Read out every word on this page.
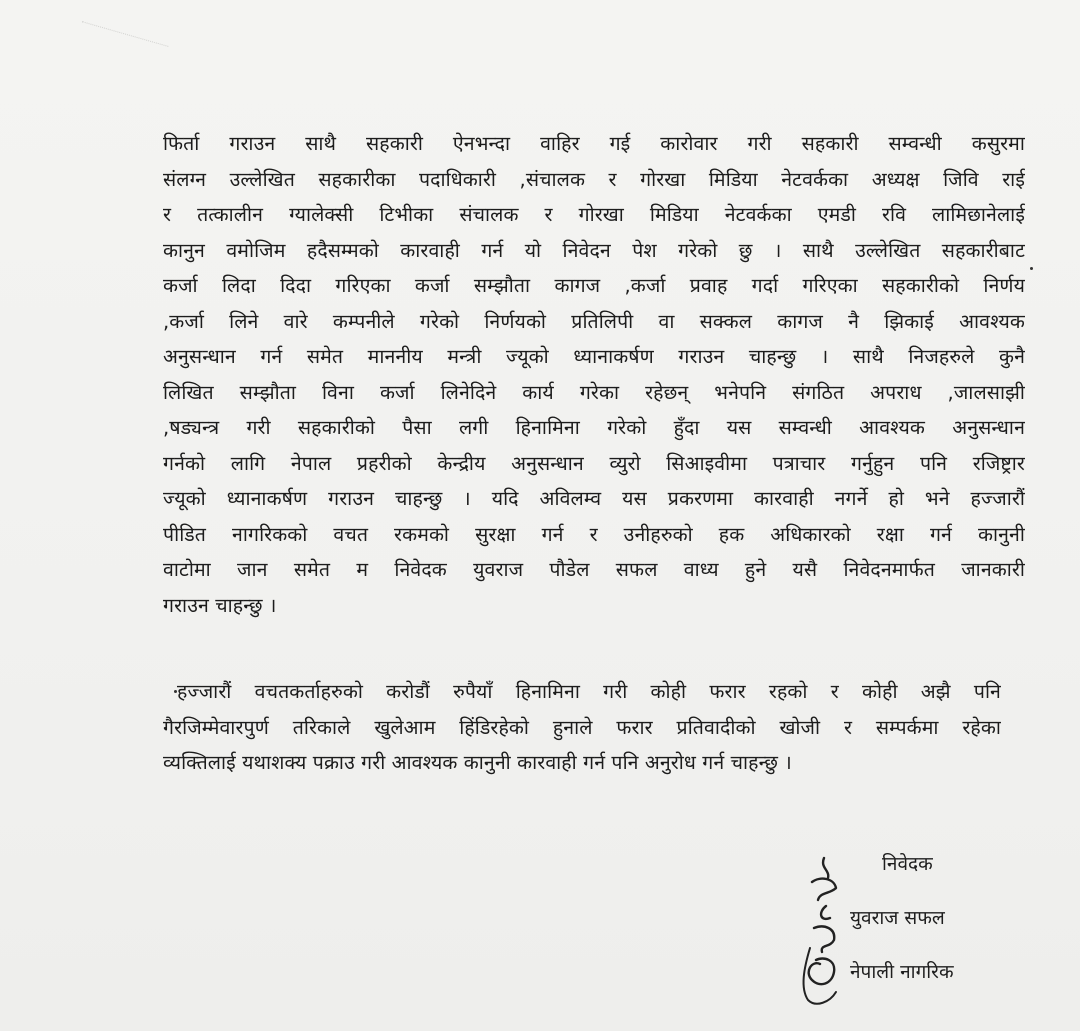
फिर्ता गराउन साथै सहकारी ऐनभन्दा वाहिर गई कारोवार गरी सहकारी सम्वन्धी कसुरमा
संलग्न उल्लेखित सहकारीका पदाधिकारी ,संचालक र गोरखा मिडिया नेटवर्कका अध्यक्ष जिवि राई
र तत्कालीन ग्यालेक्सी टिभीका संचालक र गोरखा मिडिया नेटवर्कका एमडी रवि लामिछानेलाई
कानुन वमोजिम हदैसम्मको कारवाही गर्न यो निवेदन पेश गरेको छु । साथै उल्लेखित सहकारीबाट
कर्जा लिदा दिदा गरिएका कर्जा सम्झौता कागज ,कर्जा प्रवाह गर्दा गरिएका सहकारीको निर्णय
,कर्जा लिने वारे कम्पनीले गरेको निर्णयको प्रतिलिपी वा सक्कल कागज नै झिकाई आवश्यक
अनुसन्धान गर्न समेत माननीय मन्त्री ज्यूको ध्यानाकर्षण गराउन चाहन्छु । साथै निजहरुले कुनै
लिखित सम्झौता विना कर्जा लिनेदिने कार्य गरेका रहेछन् भनेपनि संगठित अपराध ,जालसाझी
,षड्यन्त्र गरी सहकारीको पैसा लगी हिनामिना गरेको हुँदा यस सम्वन्धी आवश्यक अनुसन्धान
गर्नको लागि नेपाल प्रहरीको केन्द्रीय अनुसन्धान व्युरो सिआइवीमा पत्राचार गर्नुहुन पनि रजिष्ट्रार
ज्यूको ध्यानाकर्षण गराउन चाहन्छु । यदि अविलम्व यस प्रकरणमा कारवाही नगर्ने हो भने हज्जारौं
पीडित नागरिकको वचत रकमको सुरक्षा गर्न र उनीहरुको हक अधिकारको रक्षा गर्न कानुनी
वाटोमा जान समेत म निवेदक युवराज पौडेल सफल वाध्य हुने यसै निवेदनमार्फत जानकारी
गराउन चाहन्छु ।
हज्जारौं वचतकर्ताहरुको करोडौं रुपैयाँ हिनामिना गरी कोही फरार रहको र कोही अझै पनि
गैरजिम्मेवारपुर्ण तरिकाले खुलेआम हिंडिरहेको हुनाले फरार प्रतिवादीको खोजी र सम्पर्कमा रहेका
व्यक्तिलाई यथाशक्य पक्राउ गरी आवश्यक कानुनी कारवाही गर्न पनि अनुरोध गर्न चाहन्छु ।
निवेदक
युवराज सफल
नेपाली नागरिक
